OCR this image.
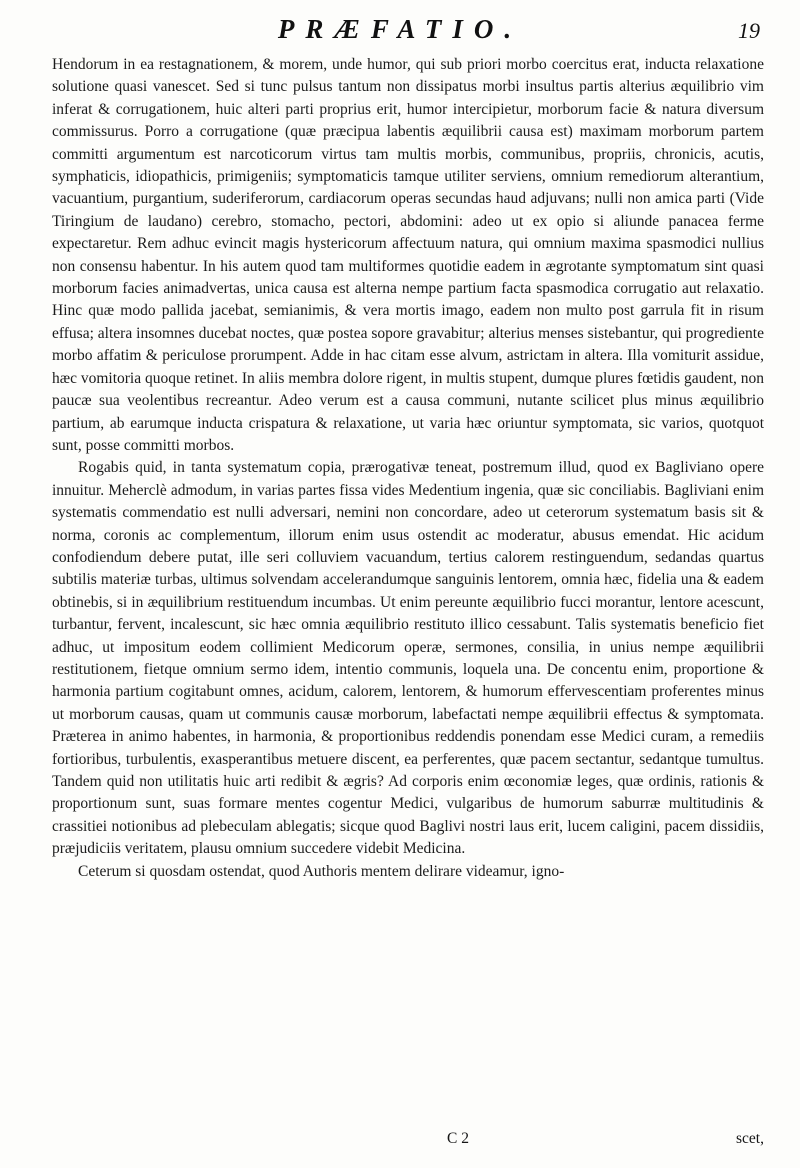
PRÆFATIO.	19

Hendorum in ea restagnationem, & morem, unde humor, qui sub priori morbo coercitus erat, inducta relaxatione solutione quasi vanescet. Sed si tunc pulsus tantum non dissipatus morbi insultus partis alterius æquilibrio vim inferat & corrugationem, huic alteri parti proprius erit, humor intercipietur, morborum facie & natura diversum commissurus. Porro a corrugatione (quæ præcipua labentis æquilibrii causa est) maximam morborum partem committi argumentum est narcoticorum virtus tam multis morbis, communibus, propriis, chronicis, acutis, symphaticis, idiopathicis, primigeniis; symptomaticis tamque utiliter serviens, omnium remediorum alterantium, vacuantium, purgantium, suderiferorum, cardiacorum operas secundas haud adjuvans; nulli non amica parti (Vide Tiringium de laudano) cerebro, stomacho, pectori, abdomini: adeo ut ex opio si aliunde panacea ferme expectaretur. Rem adhuc evincit magis hystericorum affectuum natura, qui omnium maxima spasmodici nullius non consensu habentur. In his autem quod tam multiformes quotidie eadem in ægrotante symptomatum sint quasi morborum facies animadvertas, unica causa est alterna nempe partium facta spasmodica corrugatio aut relaxatio. Hinc quæ modo pallida jacebat, semianimis, & vera mortis imago, eadem non multo post garrula fit in risum effusa; altera insomnes ducebat noctes, quæ postea sopore gravabitur; alterius menses sistebantur, qui progrediente morbo affatim & periculose prorumpent. Adde in hac citam esse alvum, astrictam in altera. Illa vomiturit assidue, hæc vomitoria quoque retinet. In aliis membra dolore rigent, in multis stupent, dumque plures fœtidis gaudent, non paucæ sua veolentibus recreantur. Adeo verum est a causa communi, nutante scilicet plus minus æquilibrio partium, ab earumque inducta crispatura & relaxatione, ut varia hæc oriuntur symptomata, sic varios, quotquot sunt, posse committi morbos.

Rogabis quid, in tanta systematum copia, prærogativæ teneat, postremum illud, quod ex Bagliviano opere innuitur. Meherclè admodum, in varias partes fissa vides Medentium ingenia, quæ sic conciliabis. Bagliviani enim systematis commendatio est nulli adversari, nemini non concordare, adeo ut ceterorum systematum basis sit & norma, coronis ac complementum, illorum enim usus ostendit ac moderatur, abusus emendat. Hic acidum confodiendum debere putat, ille seri colluviem vacuandum, tertius calorem restinguendum, sedandas quartus subtilis materiæ turbas, ultimus solvendam accelerandumque sanguinis lentorem, omnia hæc, fidelia una & eadem obtinebis, si in æquilibrium restituendum incumbas. Ut enim pereunte æquilibrio fucci morantur, lentore acescunt, turbantur, fervent, incalescunt, sic hæc omnia æquilibrio restituto illico cessabunt. Talis systematis beneficio fiet adhuc, ut impositum eodem collimient Medicorum operæ, sermones, consilia, in unius nempe æquilibrii restitutionem, fietque omnium sermo idem, intentio communis, loquela una. De concentu enim, proportione & harmonia partium cogitabunt omnes, acidum, calorem, lentorem, & humorum effervescentiam proferentes minus ut morborum causas, quam ut communis causæ morborum, labefactati nempe æquilibrii effectus & symptomata. Præterea in animo habentes, in harmonia, & proportionibus reddendis ponendam esse Medici curam, a remediis fortioribus, turbulentis, exasperantibus metuere discent, ea perferentes, quæ pacem sectantur, sedantque tumultus. Tandem quid non utilitatis huic arti redibit & ægris? Ad corporis enim œconomiæ leges, quæ ordinis, rationis & proportionum sunt, suas formare mentes cogentur Medici, vulgaribus de humorum saburræ multitudinis & crassitiei notionibus ad plebeculam ablegatis; sicque quod Baglivi nostri laus erit, lucem caligini, pacem dissidiis, præjudiciis veritatem, plausu omnium succedere videbit Medicina.

Ceterum si quosdam ostendat, quod Authoris mentem delirare videamur, igno-

C 2	scet,
